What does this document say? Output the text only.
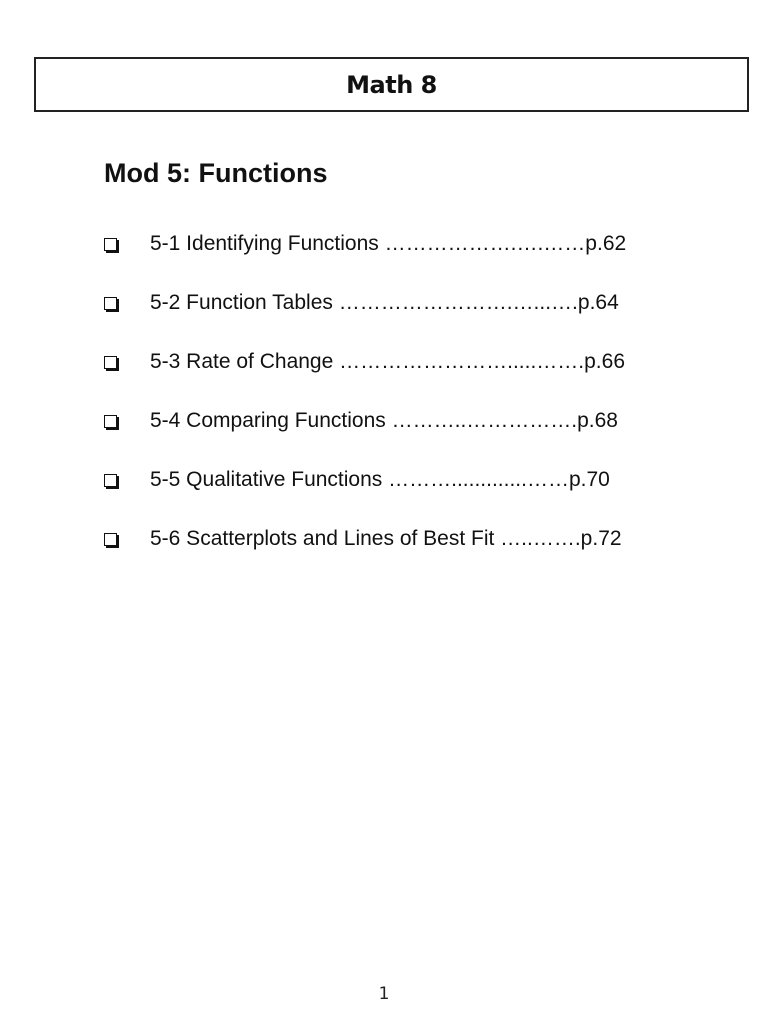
Math 8
Mod 5: Functions
5-1 Identifying Functions ……………….….……p.62
5-2 Function Tables …………………….…...….p.64
5-3 Rate of Change …………………….....…….p.66
5-4 Comparing Functions ………..…………….p.68
5-5 Qualitative Functions ……….............……p.70
5-6 Scatterplots and Lines of Best Fit …..…….p.72
1
